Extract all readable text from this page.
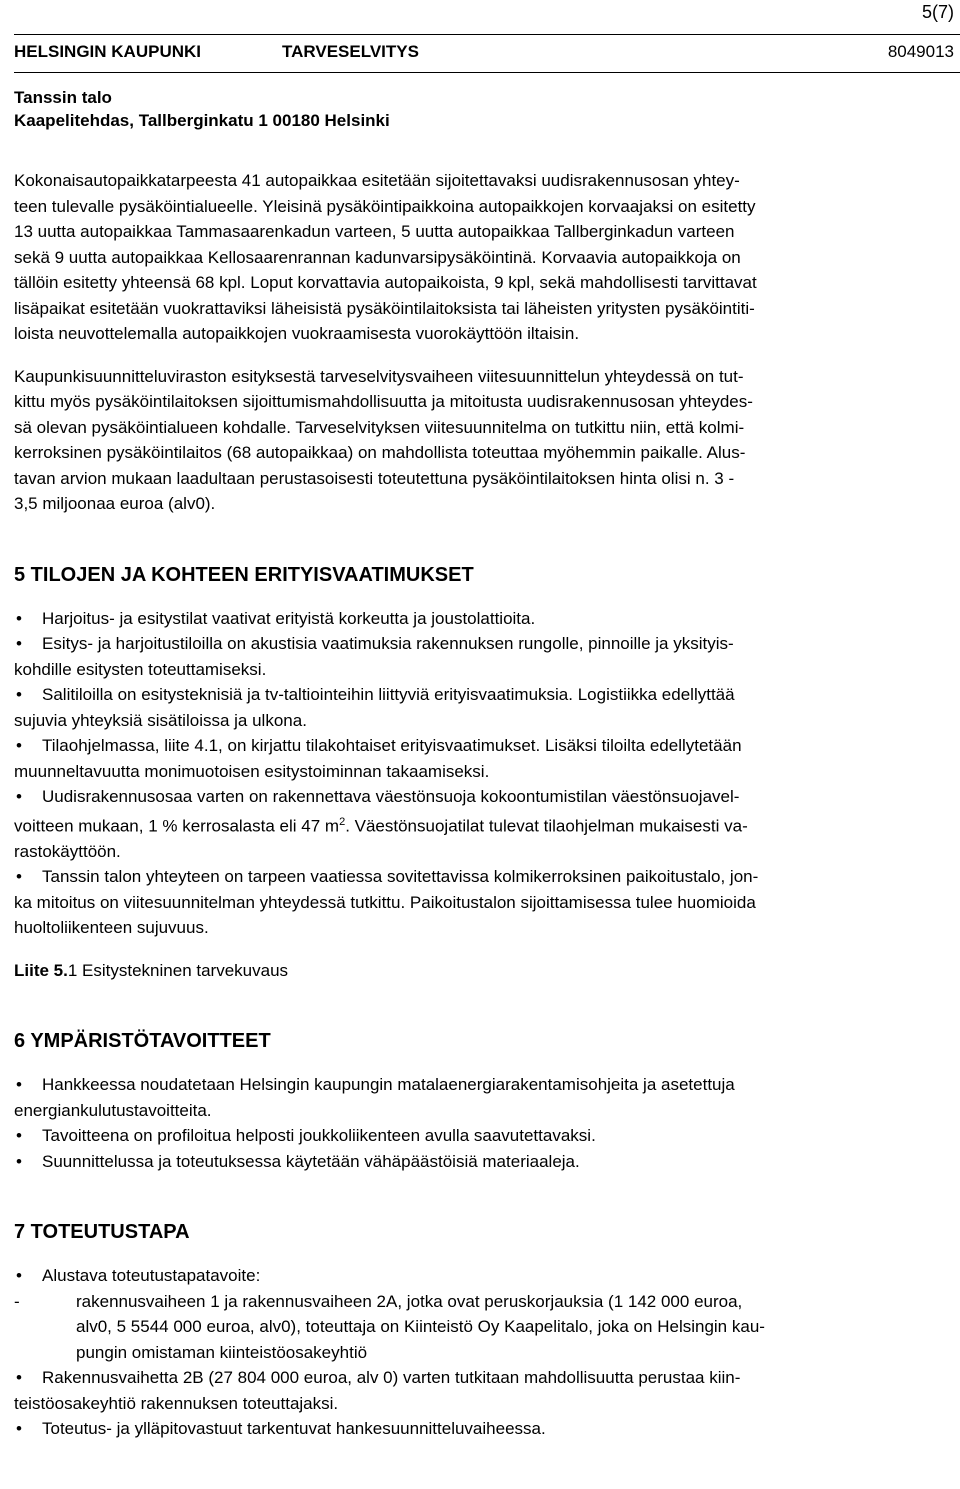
5(7)
HELSINGIN KAUPUNKI	TARVESELVITYS	8049013
Tanssin talo
Kaapelitehdas, Tallberginkatu 1 00180 Helsinki

Kokonaisautopaikkatarpeesta 41 autopaikkaa esitetään sijoitettavaksi uudisrakennusosan yhtey-
teen tulevalle pysäköintialueelle. Yleisinä pysäköintipaikkoina autopaikkojen korvaajaksi on esitetty
13 uutta autopaikkaa Tammasaarenkadun varteen, 5 uutta autopaikkaa Tallberginkadun varteen
sekä 9 uutta autopaikkaa Kellosaarenrannan kadunvarsipysäköintinä. Korvaavia autopaikkoja on
tällöin esitetty yhteensä 68 kpl. Loput korvattavia autopaikoista, 9 kpl, sekä mahdollisesti tarvittavat
lisäpaikat esitetään vuokrattaviksi läheisistä pysäköintilaitoksista tai läheisten yritysten pysäköintiti-
loista neuvottelemalla autopaikkojen vuokraamisesta vuorokäyttöön iltaisin.

Kaupunkisuunnitteluviraston esityksestä tarveselvitysvaiheen viitesuunnittelun yhteydessä on tut-
kittu myös pysäköintilaitoksen sijoittumismahdollisuutta ja mitoitusta uudisrakennusosan yhteydes-
sä olevan pysäköintialueen kohdalle. Tarveselvityksen viitesuunnitelma on tutkittu niin, että kolmi-
kerroksinen pysäköintilaitos (68 autopaikkaa) on mahdollista toteuttaa myöhemmin paikalle. Alus-
tavan arvion mukaan laadultaan perustasoisesti toteutettuna pysäköintilaitoksen hinta olisi n. 3 -
3,5 miljoonaa euroa (alv0).

5 TILOJEN JA KOHTEEN ERITYISVAATIMUKSET
• Harjoitus- ja esitystilat vaativat erityistä korkeutta ja joustolattioita.
• Esitys- ja harjoitustiloilla on akustisia vaatimuksia rakennuksen rungolle, pinnoille ja yksityis-
kohdille esitysten toteuttamiseksi.
• Salitiloilla on esitysteknisiä ja tv-taltiointeihin liittyviä erityisvaatimuksia. Logistiikka edellyttää
sujuvia yhteyksiä sisätiloissa ja ulkona.
• Tilaohjelmassa, liite 4.1, on kirjattu tilakohtaiset erityisvaatimukset. Lisäksi tiloilta edellytetään
muunneltavuutta monimuotoisen esitystoiminnan takaamiseksi.
• Uudisrakennusosaa varten on rakennettava väestönsuoja kokoontumistilan väestönsuojavel-
voitteen mukaan, 1 % kerrosalasta eli 47 $m^2$. Väestönsuojatilat tulevat tilaohjelman mukaisesti va-
rastokäyttöön.
• Tanssin talon yhteyteen on tarpeen vaatiessa sovitettavissa kolmikerroksinen paikoitustalo, jon-
ka mitoitus on viitesuunnitelman yhteydessä tutkittu. Paikoitustalon sijoittamisessa tulee huomioida
huoltoliikenteen sujuvuus.

Liite 5.1 Esitystekninen tarvekuvaus

6 YMPÄRISTÖTAVOITTEET
• Hankkeessa noudatetaan Helsingin kaupungin matalaenergiarakentamisohjeita ja asetettuja
energiankulutustavoitteita.
• Tavoitteena on profiloitua helposti joukkoliikenteen avulla saavutettavaksi.
• Suunnittelussa ja toteutuksessa käytetään vähäpäästöisiä materiaaleja.
7 TOTEUTUSTAPA
• Alustava toteutustapatavoite:
-	rakennusvaiheen 1 ja rakennusvaiheen 2A, jotka ovat peruskorjauksia (1 142 000 euroa,
alv0, 5 5544 000 euroa, alv0), toteuttaja on Kiinteistö Oy Kaapelitalo, joka on Helsingin kau-
pungin omistaman kiinteistöosakeyhtiö
• Rakennusvaihetta 2B (27 804 000 euroa, alv 0) varten tutkitaan mahdollisuutta perustaa kiin-
teistöosakeyhtiö rakennuksen toteuttajaksi.
• Toteutus- ja ylläpitovastuut tarkentuvat hankesuunnitteluvaiheessa.
